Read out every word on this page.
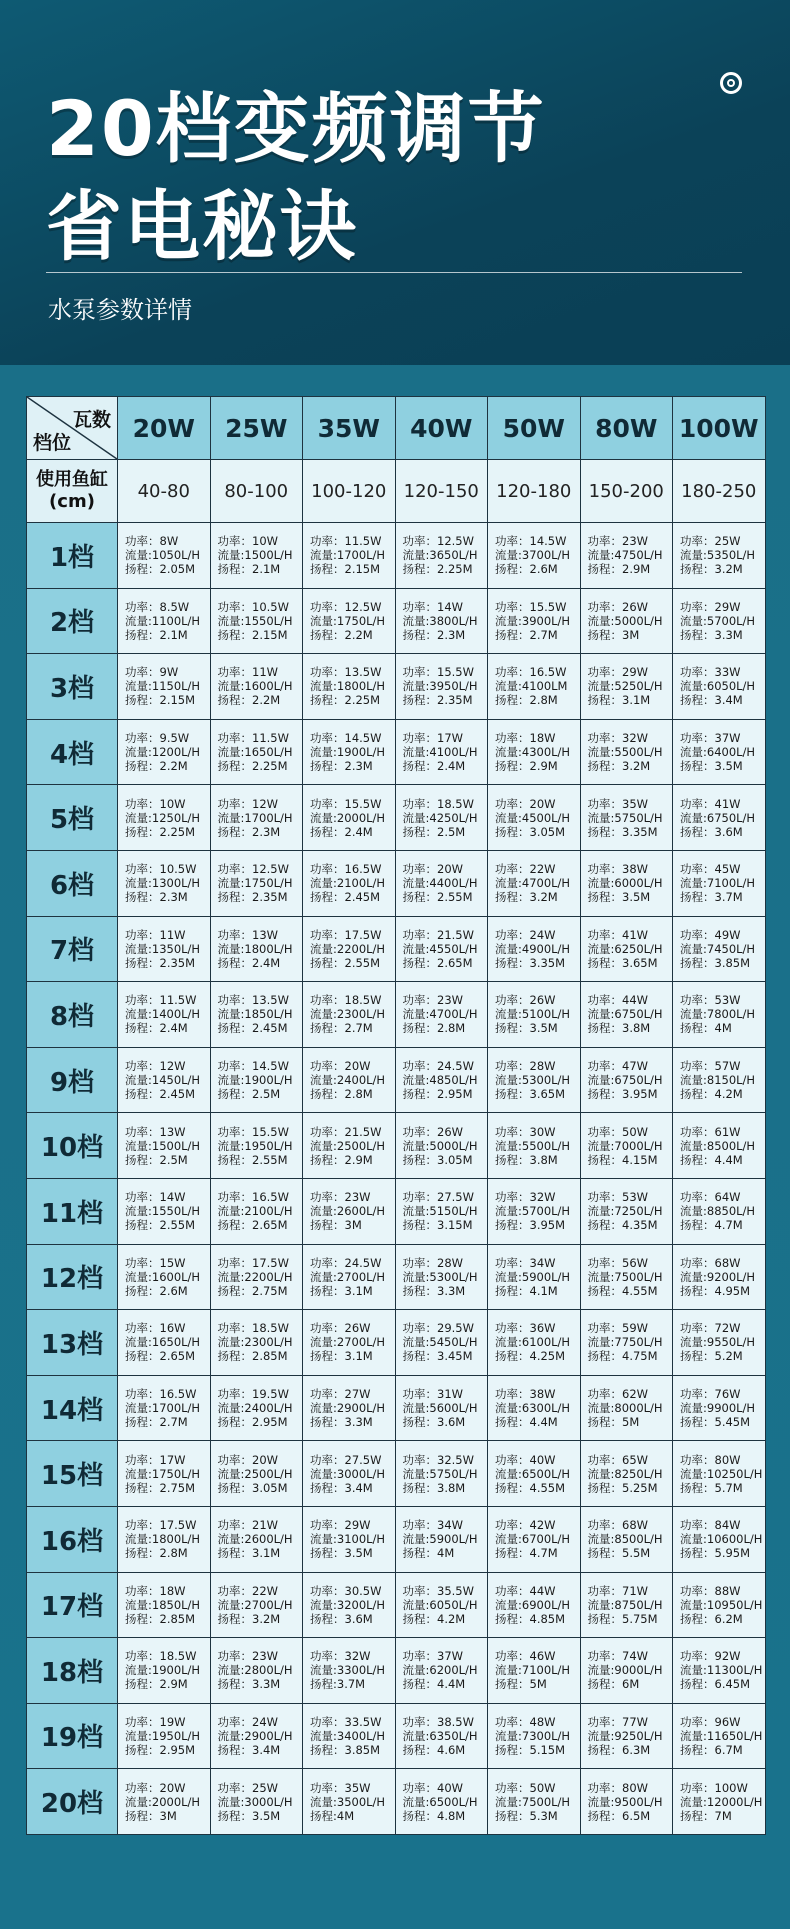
20档变频调节
省电秘诀
水泵参数详情
瓦数
档位	20W	25W	35W	40W	50W	80W	100W

使用鱼缸
(cm)	40-80	80-100	100-120	120-150	120-180	150-200	180-250
1档	功率：8W
流量:1050L/H
扬程：2.05M	功率：10W
流量:1500L/H
扬程：2.1M	功率：11.5W
流量:1700L/H
扬程：2.15M	功率：12.5W
流量:3650L/H
扬程：2.25M	功率：14.5W
流量:3700L/H
扬程：2.6M	功率：23W
流量:4750L/H
扬程：2.9M	功率：25W
流量:5350L/H
扬程：3.2M

2档	功率：8.5W
流量:1100L/H
扬程：2.1M	功率：10.5W
流量:1550L/H
扬程：2.15M	功率：12.5W
流量:1750L/H
扬程：2.2M	功率：14W
流量:3800L/H
扬程：2.3M	功率：15.5W
流量:3900L/H
扬程：2.7M	功率：26W
流量:5000L/H
扬程：3M	功率：29W
流量:5700L/H
扬程：3.3M

3档	功率：9W
流量:1150L/H
扬程：2.15M	功率：11W
流量:1600L/H
扬程：2.2M	功率：13.5W
流量:1800L/H
扬程：2.25M	功率：15.5W
流量:3950L/H
扬程：2.35M	功率：16.5W
流量:4100LM
扬程：2.8M	功率：29W
流量:5250L/H
扬程：3.1M	功率：33W
流量:6050L/H
扬程：3.4M

4档	功率：9.5W
流量:1200L/H
扬程：2.2M	功率：11.5W
流量:1650L/H
扬程：2.25M	功率：14.5W
流量:1900L/H
扬程：2.3M	功率：17W
流量:4100L/H
扬程：2.4M	功率：18W
流量:4300L/H
扬程：2.9M	功率：32W
流量:5500L/H
扬程：3.2M	功率：37W
流量:6400L/H
扬程：3.5M

5档	功率：10W
流量:1250L/H
扬程：2.25M	功率：12W
流量:1700L/H
扬程：2.3M	功率：15.5W
流量:2000L/H
扬程：2.4M	功率：18.5W
流量:4250L/H
扬程：2.5M	功率：20W
流量:4500L/H
扬程：3.05M	功率：35W
流量:5750L/H
扬程：3.35M	功率：41W
流量:6750L/H
扬程：3.6M

6档	功率：10.5W
流量:1300L/H
扬程：2.3M	功率：12.5W
流量:1750L/H
扬程：2.35M	功率：16.5W
流量:2100L/H
扬程：2.45M	功率：20W
流量:4400L/H
扬程：2.55M	功率：22W
流量:4700L/H
扬程：3.2M	功率：38W
流量:6000L/H
扬程：3.5M	功率：45W
流量:7100L/H
扬程：3.7M

7档	功率：11W
流量:1350L/H
扬程：2.35M	功率：13W
流量:1800L/H
扬程：2.4M	功率：17.5W
流量:2200L/H
扬程：2.55M	功率：21.5W
流量:4550L/H
扬程：2.65M	功率：24W
流量:4900L/H
扬程：3.35M	功率：41W
流量:6250L/H
扬程：3.65M	功率：49W
流量:7450L/H
扬程：3.85M

8档	功率：11.5W
流量:1400L/H
扬程：2.4M	功率：13.5W
流量:1850L/H
扬程：2.45M	功率：18.5W
流量:2300L/H
扬程：2.7M	功率：23W
流量:4700L/H
扬程：2.8M	功率：26W
流量:5100L/H
扬程：3.5M	功率：44W
流量:6750L/H
扬程：3.8M	功率：53W
流量:7800L/H
扬程：4M

9档	功率：12W
流量:1450L/H
扬程：2.45M	功率：14.5W
流量:1900L/H
扬程：2.5M	功率：20W
流量:2400L/H
扬程：2.8M	功率：24.5W
流量:4850L/H
扬程：2.95M	功率：28W
流量:5300L/H
扬程：3.65M	功率：47W
流量:6750L/H
扬程：3.95M	功率：57W
流量:8150L/H
扬程：4.2M

10档	功率：13W
流量:1500L/H
扬程：2.5M	功率：15.5W
流量:1950L/H
扬程：2.55M	功率：21.5W
流量:2500L/H
扬程：2.9M	功率：26W
流量:5000L/H
扬程：3.05M	功率：30W
流量:5500L/H
扬程：3.8M	功率：50W
流量:7000L/H
扬程：4.15M	功率：61W
流量:8500L/H
扬程：4.4M

11档	功率：14W
流量:1550L/H
扬程：2.55M	功率：16.5W
流量:2100L/H
扬程：2.65M	功率：23W
流量:2600L/H
扬程：3M	功率：27.5W
流量:5150L/H
扬程：3.15M	功率：32W
流量:5700L/H
扬程：3.95M	功率：53W
流量:7250L/H
扬程：4.35M	功率：64W
流量:8850L/H
扬程：4.7M

12档	功率：15W
流量:1600L/H
扬程：2.6M	功率：17.5W
流量:2200L/H
扬程：2.75M	功率：24.5W
流量:2700L/H
扬程：3.1M	功率：28W
流量:5300L/H
扬程：3.3M	功率：34W
流量:5900L/H
扬程：4.1M	功率：56W
流量:7500L/H
扬程：4.55M	功率：68W
流量:9200L/H
扬程：4.95M

13档	功率：16W
流量:1650L/H
扬程：2.65M	功率：18.5W
流量:2300L/H
扬程：2.85M	功率：26W
流量:2700L/H
扬程：3.1M	功率：29.5W
流量:5450L/H
扬程：3.45M	功率：36W
流量:6100L/H
扬程：4.25M	功率：59W
流量:7750L/H
扬程：4.75M	功率：72W
流量:9550L/H
扬程：5.2M

14档	功率：16.5W
流量:1700L/H
扬程：2.7M	功率：19.5W
流量:2400L/H
扬程：2.95M	功率：27W
流量:2900L/H
扬程：3.3M	功率：31W
流量:5600L/H
扬程：3.6M	功率：38W
流量:6300L/H
扬程：4.4M	功率：62W
流量:8000L/H
扬程：5M	功率：76W
流量:9900L/H
扬程：5.45M

15档	功率：17W
流量:1750L/H
扬程：2.75M	功率：20W
流量:2500L/H
扬程：3.05M	功率：27.5W
流量:3000L/H
扬程：3.4M	功率：32.5W
流量:5750L/H
扬程：3.8M	功率：40W
流量:6500L/H
扬程：4.55M	功率：65W
流量:8250L/H
扬程：5.25M	功率：80W
流量:10250L/H
扬程：5.7M

16档	功率：17.5W
流量:1800L/H
扬程：2.8M	功率：21W
流量:2600L/H
扬程：3.1M	功率：29W
流量:3100L/H
扬程：3.5M	功率：34W
流量:5900L/H
扬程：4M	功率：42W
流量:6700L/H
扬程：4.7M	功率：68W
流量:8500L/H
扬程：5.5M	功率：84W
流量:10600L/H
扬程：5.95M

17档	功率：18W
流量:1850L/H
扬程：2.85M	功率：22W
流量:2700L/H
扬程：3.2M	功率：30.5W
流量:3200L/H
扬程：3.6M	功率：35.5W
流量:6050L/H
扬程：4.2M	功率：44W
流量:6900L/H
扬程：4.85M	功率：71W
流量:8750L/H
扬程：5.75M	功率：88W
流量:10950L/H
扬程：6.2M

18档	功率：18.5W
流量:1900L/H
扬程：2.9M	功率：23W
流量:2800L/H
扬程：3.3M	功率：32W
流量:3300L/H
扬程:3.7M	功率：37W
流量:6200L/H
扬程：4.4M	功率：46W
流量:7100L/H
扬程：5M	功率：74W
流量:9000L/H
扬程：6M	功率：92W
流量:11300L/H
扬程：6.45M

19档	功率：19W
流量:1950L/H
扬程：2.95M	功率：24W
流量:2900L/H
扬程：3.4M	功率：33.5W
流量:3400L/H
扬程：3.85M	功率：38.5W
流量:6350L/H
扬程：4.6M	功率：48W
流量:7300L/H
扬程：5.15M	功率：77W
流量:9250L/H
扬程：6.3M	功率：96W
流量:11650L/H
扬程：6.7M

20档	功率：20W
流量:2000L/H
扬程：3M	功率：25W
流量:3000L/H
扬程：3.5M	功率：35W
流量:3500L/H
扬程:4M	功率：40W
流量:6500L/H
扬程：4.8M	功率：50W
流量:7500L/H
扬程：5.3M	功率：80W
流量:9500L/H
扬程：6.5M	功率：100W
流量:12000L/H
扬程：7M
